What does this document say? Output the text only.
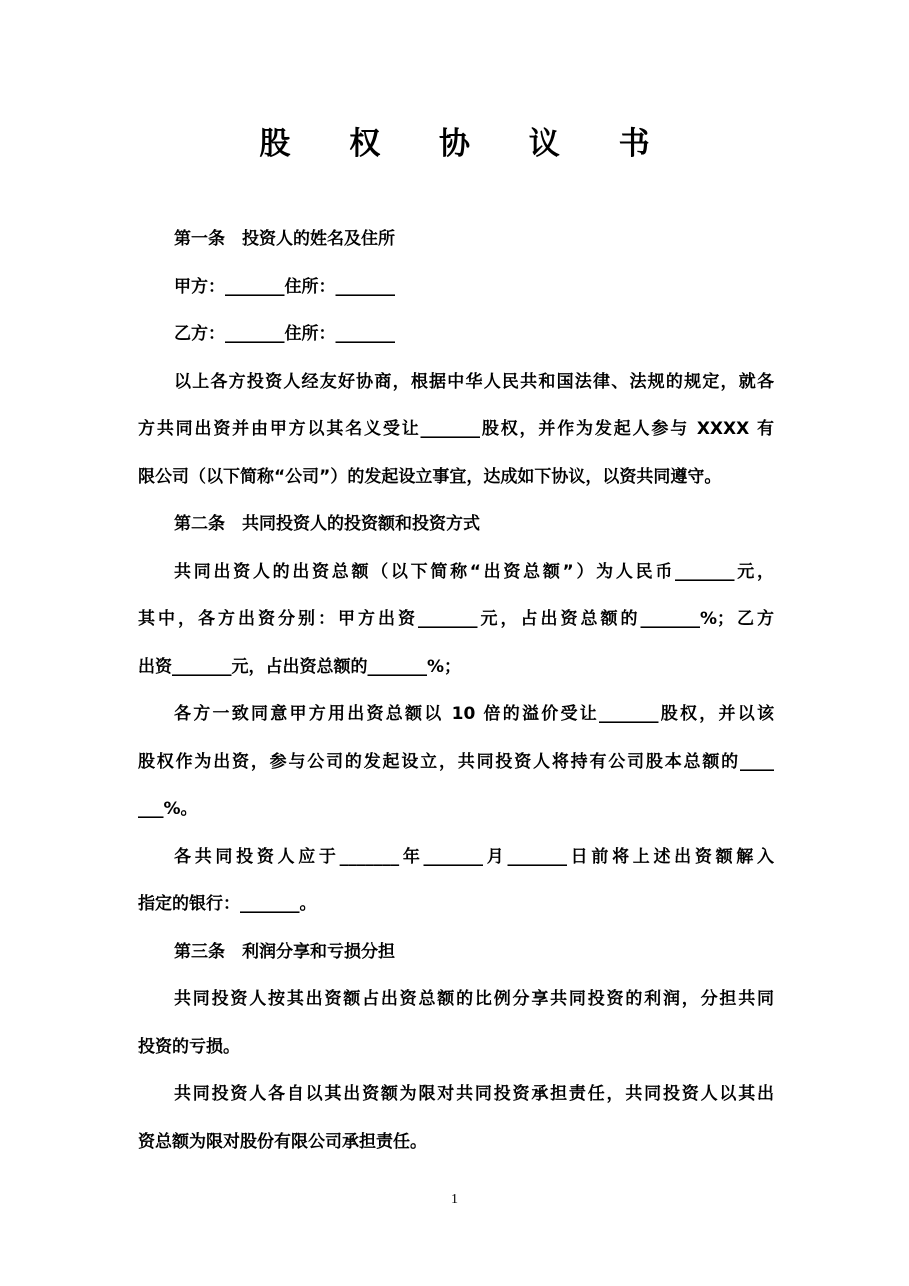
股 权 协 议 书

第一条　投资人的姓名及住所

甲方：_______住所：_______

乙方：_______住所：_______

以上各方投资人经友好协商，根据中华人民共和国法律、法规的规定，就各

方共同出资并由甲方以其名义受让_______股权，并作为发起人参与 XXXX 有

限公司（以下简称“公司”）的发起设立事宜，达成如下协议，以资共同遵守。

第二条　共同投资人的投资额和投资方式

共同出资人的出资总额（以下简称“出资总额”）为人民币_______元，

其中，各方出资分别：甲方出资_______元，占出资总额的_______%；乙方

出资_______元，占出资总额的_______%；

各方一致同意甲方用出资总额以 10 倍的溢价受让_______股权，并以该

股权作为出资，参与公司的发起设立，共同投资人将持有公司股本总额的____

___%。

各共同投资人应于_______年_______月_______日前将上述出资额解入

指定的银行：_______。

第三条　利润分享和亏损分担

共同投资人按其出资额占出资总额的比例分享共同投资的利润，分担共同

投资的亏损。

共同投资人各自以其出资额为限对共同投资承担责任，共同投资人以其出

资总额为限对股份有限公司承担责任。

1
